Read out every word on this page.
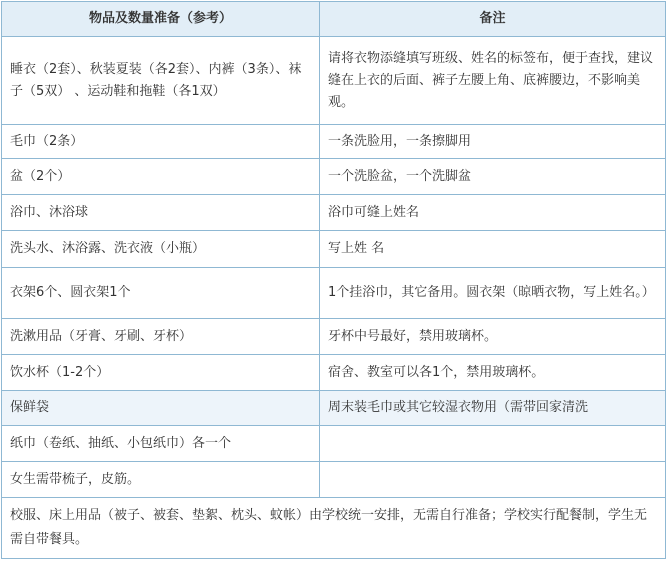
物品及数量准备（参考）	备注
睡衣（2套）、秋装夏装（各2套）、内裤（3条）、袜子（5双） 、运动鞋和拖鞋（各1双）	请将衣物添缝填写班级、姓名的标签布，便于查找，建议缝在上衣的后面、裤子左腰上角、底裤腰边，不影响美观。
毛巾（2条）	一条洗脸用，一条擦脚用
盆（2个）	一个洗脸盆，一个洗脚盆
浴巾、沐浴球	浴巾可缝上姓名
洗头水、沐浴露、洗衣液（小瓶）	写上姓 名
衣架6个、圆衣架1个	1个挂浴巾，其它备用。圆衣架（晾晒衣物，写上姓名。）
洗漱用品（牙膏、牙刷、牙杯）	牙杯中号最好，禁用玻璃杯。
饮水杯（1-2个）	宿舍、教室可以各1个，禁用玻璃杯。
保鲜袋	周末装毛巾或其它较湿衣物用（需带回家清洗
纸巾（卷纸、抽纸、小包纸巾）各一个	
女生需带梳子，皮筋。	
校服、床上用品（被子、被套、垫絮、枕头、蚊帐）由学校统一安排，无需自行准备；学校实行配餐制，学生无需自带餐具。	
